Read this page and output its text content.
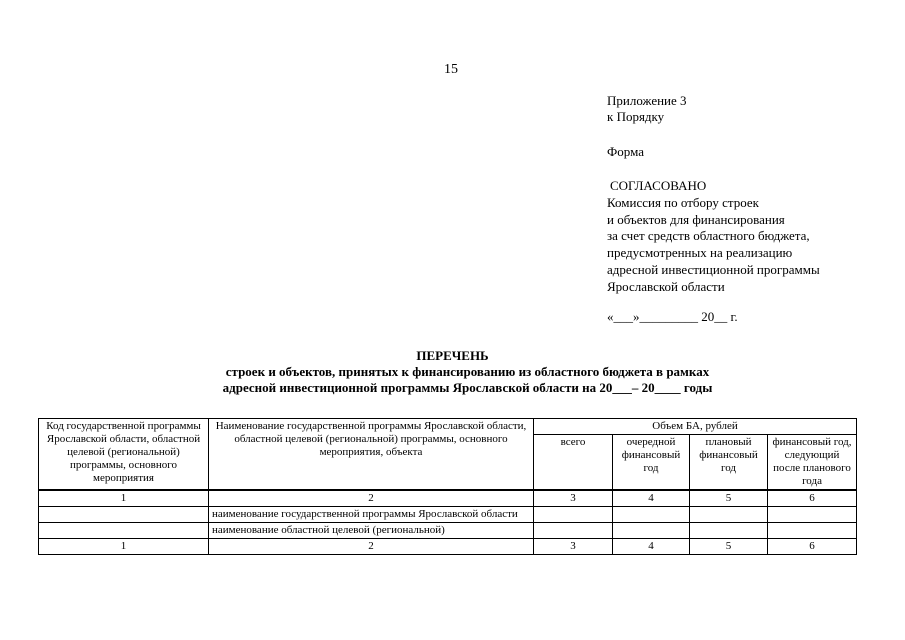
15
Приложение 3
к Порядку
Форма
СОГЛАСОВАНО
Комиссия по отбору строек
и объектов для финансирования
за счет средств областного бюджета,
предусмотренных на реализацию
адресной инвестиционной программы
Ярославской области
«___»_________ 20__ г.
ПЕРЕЧЕНЬ
строек и объектов, принятых к финансированию из областного бюджета в рамках
адресной инвестиционной программы Ярославской области на 20___– 20____ годы
Код государственной программы Ярославской области, областной целевой (региональной) программы, основного мероприятия	Наименование государственной программы Ярославской области, областной целевой (региональной) программы, основного мероприятия, объекта	Объем БА, рублей			
		всего	очередной финансовый год	плановый финансовый год	финансовый год, следующий после планового года
1	2	3	4	5	6
	наименование государственной программы Ярославской области				
	наименование областной целевой (региональной)				
1	2	3	4	5	6
